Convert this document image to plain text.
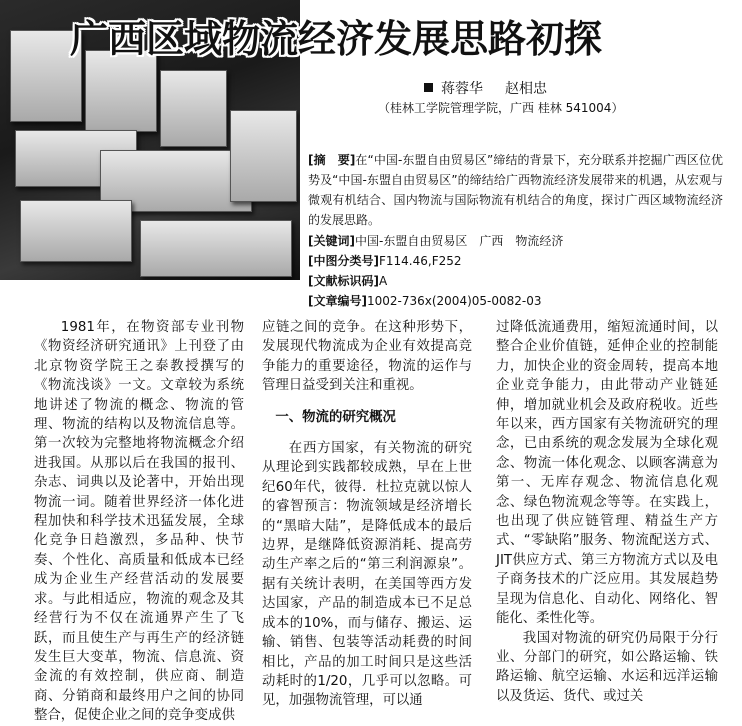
广西区域物流经济发展思路初探
蒋蓉华 赵相忠
（桂林工学院管理学院，广西 桂林 541004）
[摘　要]在“中国-东盟自由贸易区”缔结的背景下，充分联系并挖掘广西区位优势及“中国-东盟自由贸易区”的缔结给广西物流经济发展带来的机遇，从宏观与微观有机结合、国内物流与国际物流有机结合的角度，探讨广西区域物流经济的发展思路。
[关键词]中国-东盟自由贸易区　广西　物流经济
[中图分类号]F114.46,F252
[文献标识码]A
[文章编号]1002-736x(2004)05-0082-03

1981年，在物资部专业刊物《物资经济研究通讯》上刊登了由北京物资学院王之泰教授撰写的《物流浅谈》一文。文章较为系统地讲述了物流的概念、物流的管理、物流的结构以及物流信息等。第一次较为完整地将物流概念介绍进我国。从那以后在我国的报刊、杂志、词典以及论著中，开始出现物流一词。随着世界经济一体化进程加快和科学技术迅猛发展，全球化竞争日趋激烈，多品种、快节奏、个性化、高质量和低成本已经成为企业生产经营活动的发展要求。与此相适应，物流的观念及其经营行为不仅在流通界产生了飞跃，而且使生产与再生产的经济链发生巨大变革，物流、信息流、资金流的有效控制，供应商、制造商、分销商和最终用户之间的协同整合，促使企业之间的竞争变成供

应链之间的竞争。在这种形势下，发展现代物流成为企业有效提高竞争能力的重要途径，物流的运作与管理日益受到关注和重视。

一、物流的研究概况

在西方国家，有关物流的研究从理论到实践都较成熟，早在上世纪60年代，彼得．杜拉克就以惊人的睿智预言：物流领域是经济增长的“黑暗大陆”，是降低成本的最后边界，是继降低资源消耗、提高劳动生产率之后的“第三利润源泉”。据有关统计表明，在美国等西方发达国家，产品的制造成本已不足总成本的10%，而与储存、搬运、运输、销售、包装等活动耗费的时间相比，产品的加工时间只是这些活动耗时的1/20，几乎可以忽略。可见，加强物流管理，可以通

过降低流通费用，缩短流通时间，以整合企业价值链，延伸企业的控制能力，加快企业的资金周转，提高本地企业竞争能力，由此带动产业链延伸，增加就业机会及政府税收。近些年以来，西方国家有关物流研究的理念，已由系统的观念发展为全球化观念、物流一体化观念、以顾客满意为第一、无库存观念、物流信息化观念、绿色物流观念等等。在实践上，也出现了供应链管理、精益生产方式、“零缺陷”服务、物流配送方式、JIT供应方式、第三方物流方式以及电子商务技术的广泛应用。其发展趋势呈现为信息化、自动化、网络化、智能化、柔性化等。

我国对物流的研究仍局限于分行业、分部门的研究，如公路运输、铁路运输、航空运输、水运和远洋运输以及货运、货代、或过关
